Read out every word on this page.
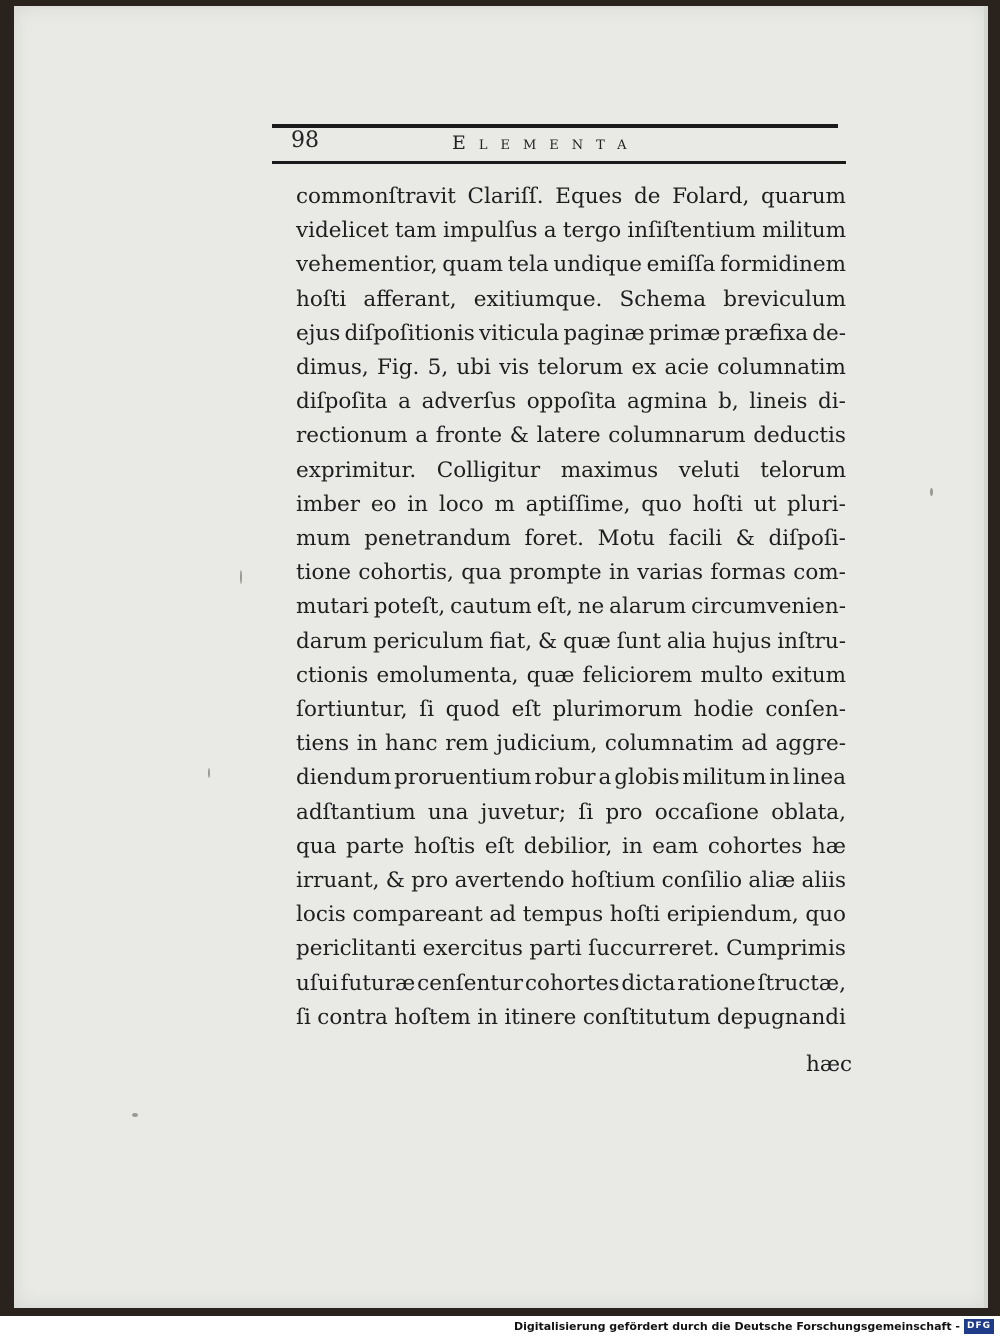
98	Elementa
commonſtravit Clariſſ. Eques de Folard, quarum
videlicet tam impulſus a tergo inſiſtentium militum
vehementior, quam tela undique emiſſa formidinem
hoſti afferant, exitiumque. Schema breviculum
ejus diſpoſitionis viticula paginæ primæ præfixa de-
dimus, Fig. 5, ubi vis telorum ex acie columnatim
diſpoſita a adverſus oppoſita agmina b, lineis di-
rectionum a fronte & latere columnarum deductis
exprimitur. Colligitur maximus veluti telorum
imber eo in loco m aptiſſime, quo hoſti ut pluri-
mum penetrandum foret. Motu facili & diſpoſi-
tione cohortis, qua prompte in varias formas com-
mutari poteſt, cautum eſt, ne alarum circumvenien-
darum periculum fiat, & quæ ſunt alia hujus inſtru-
ctionis emolumenta, quæ feliciorem multo exitum
ſortiuntur, ſi quod eſt plurimorum hodie conſen-
tiens in hanc rem judicium, columnatim ad aggre-
diendum proruentium robur a globis militum in linea
adſtantium una juvetur; ſi pro occaſione oblata,
qua parte hoſtis eſt debilior, in eam cohortes hæ
irruant, & pro avertendo hoſtium conſilio aliæ aliis
locis compareant ad tempus hoſti eripiendum, quo
periclitanti exercitus parti ſuccurreret. Cumprimis
uſui futuræ cenſentur cohortes dicta ratione ſtructæ,
ſi contra hoſtem in itinere conſtitutum depugnandi
hæc
Digitalisierung gefördert durch die Deutsche Forschungsgemeinschaft - DFG
